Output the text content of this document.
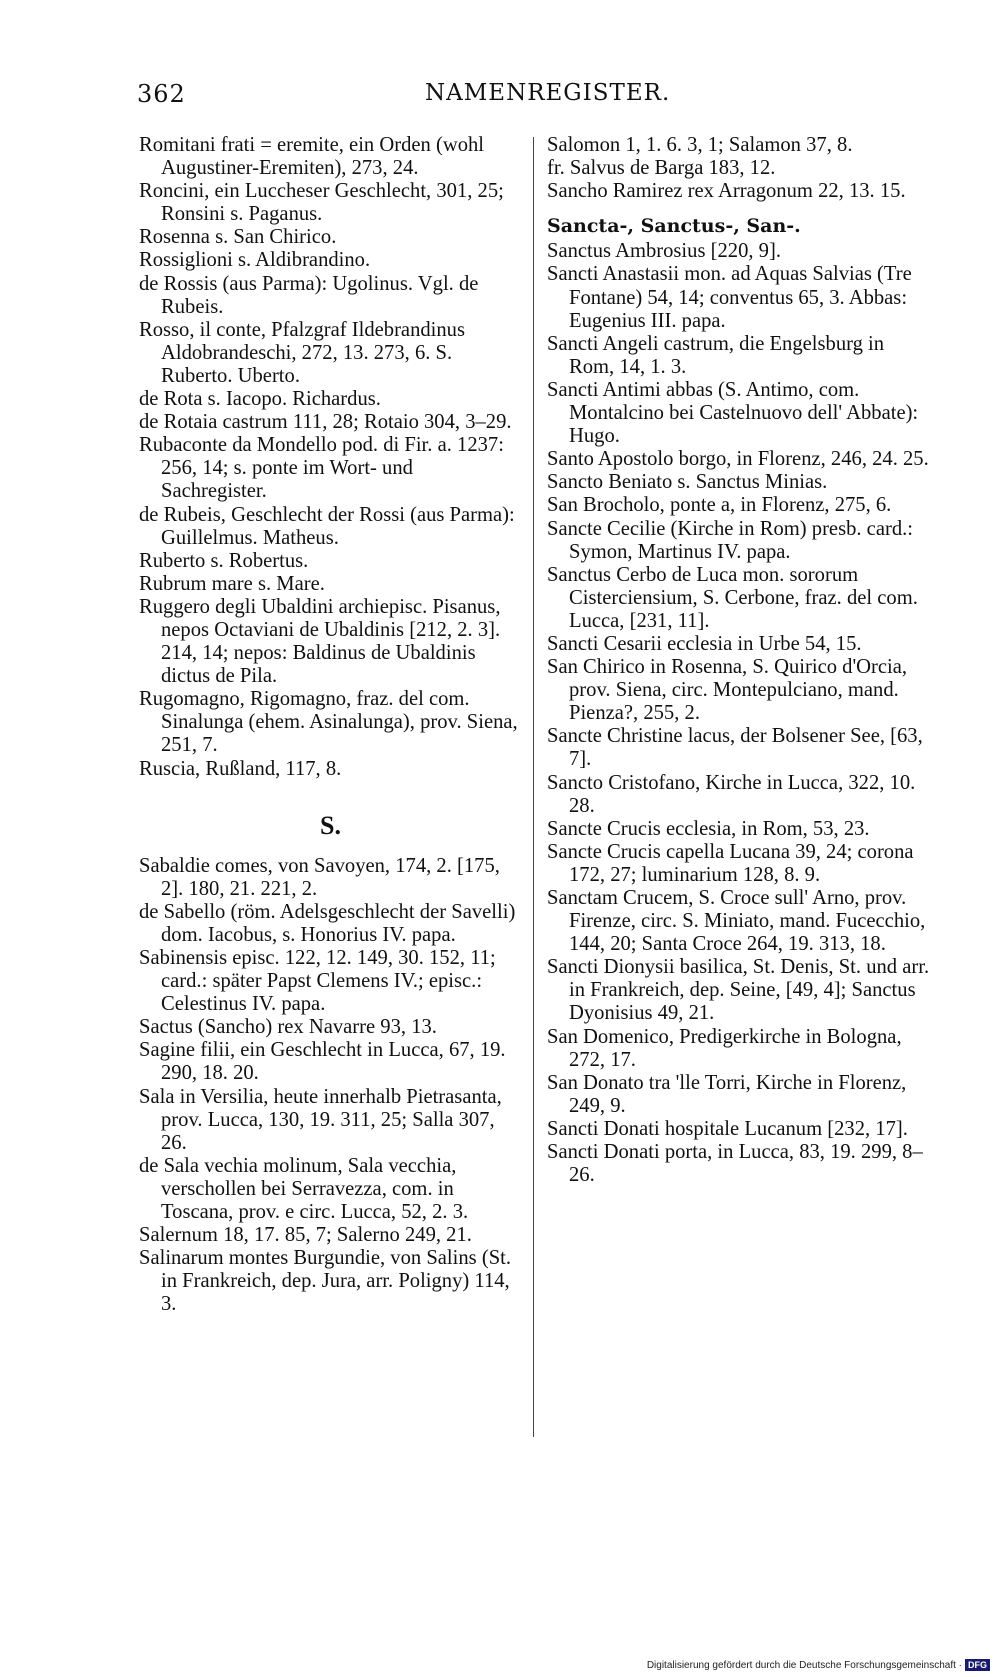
362	NAMENREGISTER.
Romitani frati = eremite, ein Orden (wohl Augustiner-Eremiten), 273, 24.
Roncini, ein Luccheser Geschlecht, 301, 25; Ronsini s. Paganus.
Rosenna s. San Chirico.
Rossiglioni s. Aldibrandino.
de Rossis (aus Parma): Ugolinus. Vgl. de Rubeis.
Rosso, il conte, Pfalzgraf Ildebrandinus Aldobrandeschi, 272, 13. 273, 6. S. Ruberto. Uberto.
de Rota s. Iacopo. Richardus.
de Rotaia castrum 111, 28; Rotaio 304, 3–29.
Rubaconte da Mondello pod. di Fir. a. 1237: 256, 14; s. ponte im Wort- und Sachregister.
de Rubeis, Geschlecht der Rossi (aus Parma): Guillelmus. Matheus.
Ruberto s. Robertus.
Rubrum mare s. Mare.
Ruggero degli Ubaldini archiepisc. Pisanus, nepos Octaviani de Ubaldinis [212, 2. 3]. 214, 14; nepos: Baldinus de Ubaldinis dictus de Pila.
Rugomagno, Rigomagno, fraz. del com. Sinalunga (ehem. Asinalunga), prov. Siena, 251, 7.
Ruscia, Rußland, 117, 8.
S.
Sabaldie comes, von Savoyen, 174, 2. [175, 2]. 180, 21. 221, 2.
de Sabello (röm. Adelsgeschlecht der Savelli) dom. Iacobus, s. Honorius IV. papa.
Sabinensis episc. 122, 12. 149, 30. 152, 11; card.: später Papst Clemens IV.; episc.: Celestinus IV. papa.
Sactus (Sancho) rex Navarre 93, 13.
Sagine filii, ein Geschlecht in Lucca, 67, 19. 290, 18. 20.
Sala in Versilia, heute innerhalb Pietrasanta, prov. Lucca, 130, 19. 311, 25; Salla 307, 26.
de Sala vechia molinum, Sala vecchia, verschollen bei Serravezza, com. in Toscana, prov. e circ. Lucca, 52, 2. 3.
Salernum 18, 17. 85, 7; Salerno 249, 21.
Salinarum montes Burgundie, von Salins (St. in Frankreich, dep. Jura, arr. Poligny) 114, 3.
Salomon 1, 1. 6. 3, 1; Salamon 37, 8.
fr. Salvus de Barga 183, 12.
Sancho Ramirez rex Arragonum 22, 13. 15.
Sancta-, Sanctus-, San-.
Sanctus Ambrosius [220, 9].
Sancti Anastasii mon. ad Aquas Salvias (Tre Fontane) 54, 14; conventus 65, 3. Abbas: Eugenius III. papa.
Sancti Angeli castrum, die Engelsburg in Rom, 14, 1. 3.
Sancti Antimi abbas (S. Antimo, com. Montalcino bei Castelnuovo dell' Abbate): Hugo.
Santo Apostolo borgo, in Florenz, 246, 24. 25.
Sancto Beniato s. Sanctus Minias.
San Brocholo, ponte a, in Florenz, 275, 6.
Sancte Cecilie (Kirche in Rom) presb. card.: Symon, Martinus IV. papa.
Sanctus Cerbo de Luca mon. sororum Cisterciensium, S. Cerbone, fraz. del com. Lucca, [231, 11].
Sancti Cesarii ecclesia in Urbe 54, 15.
San Chirico in Rosenna, S. Quirico d'Orcia, prov. Siena, circ. Montepulciano, mand. Pienza?, 255, 2.
Sancte Christine lacus, der Bolsener See, [63, 7].
Sancto Cristofano, Kirche in Lucca, 322, 10. 28.
Sancte Crucis ecclesia, in Rom, 53, 23.
Sancte Crucis capella Lucana 39, 24; corona 172, 27; luminarium 128, 8. 9.
Sanctam Crucem, S. Croce sull' Arno, prov. Firenze, circ. S. Miniato, mand. Fucecchio, 144, 20; Santa Croce 264, 19. 313, 18.
Sancti Dionysii basilica, St. Denis, St. und arr. in Frankreich, dep. Seine, [49, 4]; Sanctus Dyonisius 49, 21.
San Domenico, Predigerkirche in Bologna, 272, 17.
San Donato tra 'lle Torri, Kirche in Florenz, 249, 9.
Sancti Donati hospitale Lucanum [232, 17].
Sancti Donati porta, in Lucca, 83, 19. 299, 8–26.
Digitalisierung gefördert durch die Deutsche Forschungsgemeinschaft · DFG
